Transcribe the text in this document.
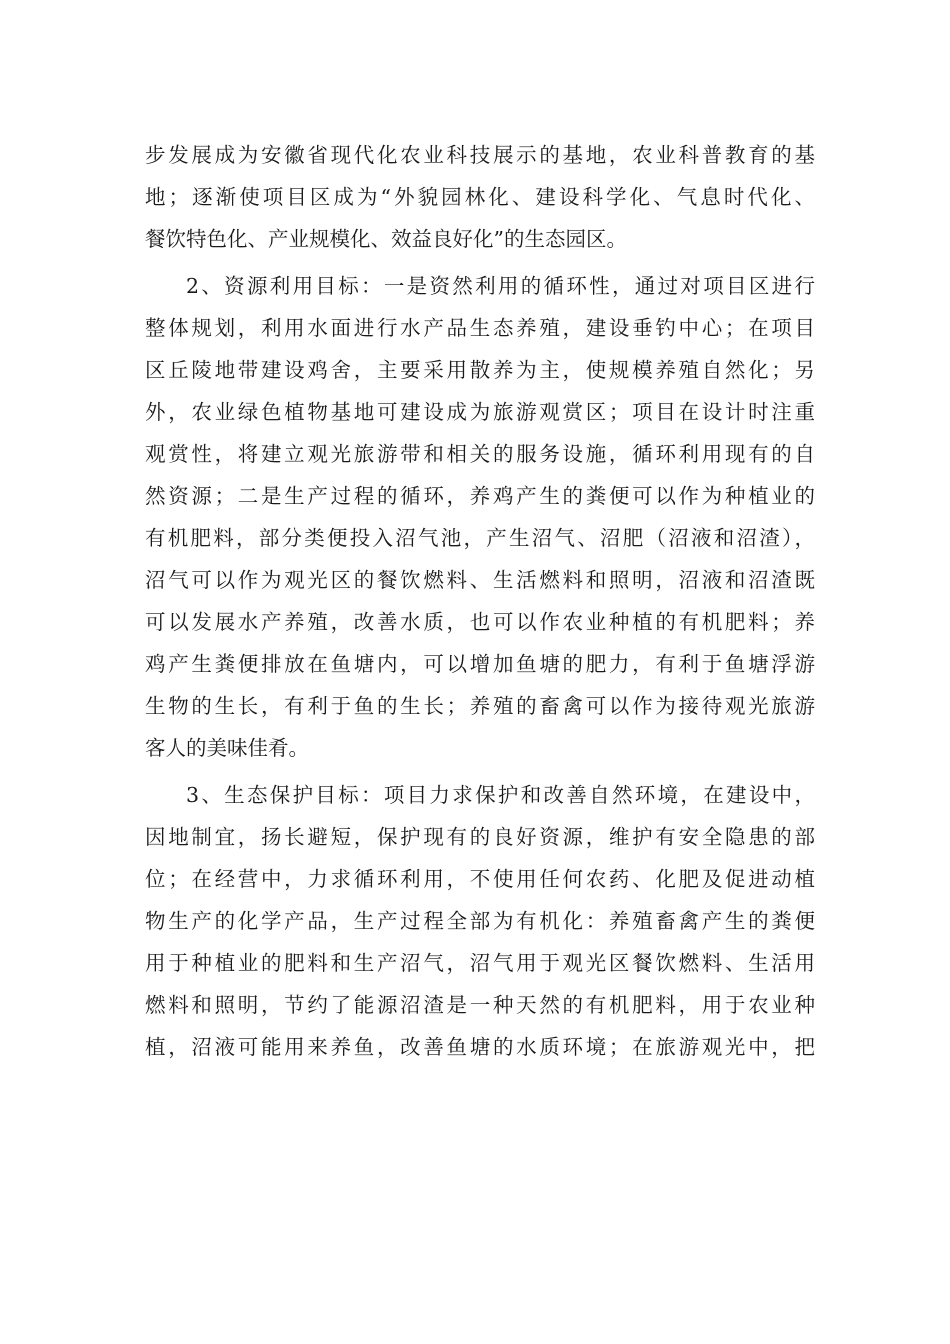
步发展成为安徽省现代化农业科技展示的基地，农业科普教育的基
地；逐渐使项目区成为“外貌园林化、建设科学化、气息时代化、
餐饮特色化、产业规模化、效益良好化”的生态园区。
2、资源利用目标：一是资然利用的循环性，通过对项目区进行
整体规划，利用水面进行水产品生态养殖，建设垂钓中心；在项目
区丘陵地带建设鸡舍，主要采用散养为主，使规模养殖自然化；另
外，农业绿色植物基地可建设成为旅游观赏区；项目在设计时注重
观赏性，将建立观光旅游带和相关的服务设施，循环利用现有的自
然资源；二是生产过程的循环，养鸡产生的粪便可以作为种植业的
有机肥料，部分类便投入沼气池，产生沼气、沼肥（沼液和沼渣），
沼气可以作为观光区的餐饮燃料、生活燃料和照明，沼液和沼渣既
可以发展水产养殖，改善水质，也可以作农业种植的有机肥料；养
鸡产生粪便排放在鱼塘内，可以增加鱼塘的肥力，有利于鱼塘浮游
生物的生长，有利于鱼的生长；养殖的畜禽可以作为接待观光旅游
客人的美味佳肴。
3、生态保护目标：项目力求保护和改善自然环境，在建设中，
因地制宜，扬长避短，保护现有的良好资源，维护有安全隐患的部
位；在经营中，力求循环利用，不使用任何农药、化肥及促进动植
物生产的化学产品，生产过程全部为有机化：养殖畜禽产生的粪便
用于种植业的肥料和生产沼气，沼气用于观光区餐饮燃料、生活用
燃料和照明，节约了能源沼渣是一种天然的有机肥料，用于农业种
植，沼液可能用来养鱼，改善鱼塘的水质环境；在旅游观光中，把
